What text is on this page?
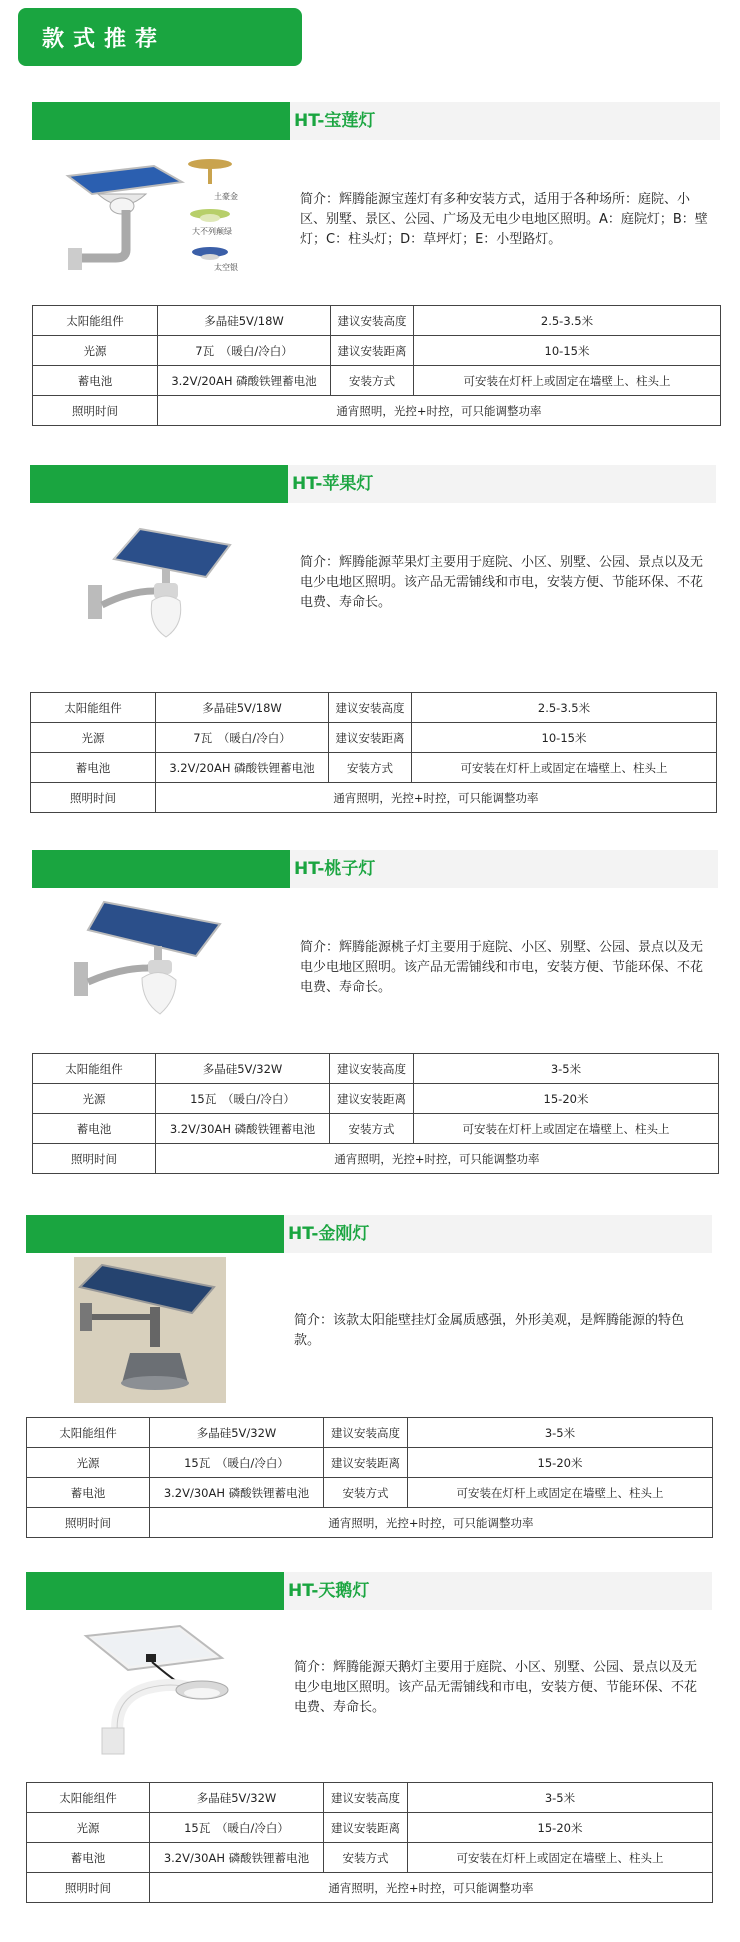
款式推荐
HT-宝莲灯
土豪金
大不列颠绿
太空银
简介：辉腾能源宝莲灯有多种安装方式，适用于各种场所：庭院、小区、别墅、景区、公园、广场及无电少电地区照明。A：庭院灯；B：壁灯；C：柱头灯；D：草坪灯；E：小型路灯。
太阳能组件	多晶硅5V/18W	建议安装高度	2.5-3.5米
光源	7瓦　（暖白/冷白）	建议安装距离	10-15米
蓄电池	3.2V/20AH 磷酸铁锂蓄电池	安装方式	可安装在灯杆上或固定在墙壁上、柱头上
照明时间	通宵照明，光控+时控，可只能调整功率		
HT-苹果灯
简介：辉腾能源苹果灯主要用于庭院、小区、别墅、公园、景点以及无电少电地区照明。该产品无需铺线和市电，安装方便、节能环保、不花电费、寿命长。
太阳能组件	多晶硅5V/18W	建议安装高度	2.5-3.5米
光源	7瓦　（暖白/冷白）	建议安装距离	10-15米
蓄电池	3.2V/20AH 磷酸铁锂蓄电池	安装方式	可安装在灯杆上或固定在墙壁上、柱头上
照明时间	通宵照明，光控+时控，可只能调整功率		
HT-桃子灯
简介：辉腾能源桃子灯主要用于庭院、小区、别墅、公园、景点以及无电少电地区照明。该产品无需铺线和市电，安装方便、节能环保、不花电费、寿命长。
太阳能组件	多晶硅5V/32W	建议安装高度	3-5米
光源	15瓦　（暖白/冷白）	建议安装距离	15-20米
蓄电池	3.2V/30AH 磷酸铁锂蓄电池	安装方式	可安装在灯杆上或固定在墙壁上、柱头上
照明时间	通宵照明，光控+时控，可只能调整功率		
HT-金刚灯
简介：该款太阳能壁挂灯金属质感强，外形美观，是辉腾能源的特色款。
太阳能组件	多晶硅5V/32W	建议安装高度	3-5米
光源	15瓦　（暖白/冷白）	建议安装距离	15-20米
蓄电池	3.2V/30AH 磷酸铁锂蓄电池	安装方式	可安装在灯杆上或固定在墙壁上、柱头上
照明时间	通宵照明，光控+时控，可只能调整功率		
HT-天鹅灯
简介：辉腾能源天鹅灯主要用于庭院、小区、别墅、公园、景点以及无电少电地区照明。该产品无需铺线和市电，安装方便、节能环保、不花电费、寿命长。
太阳能组件	多晶硅5V/32W	建议安装高度	3-5米
光源	15瓦　（暖白/冷白）	建议安装距离	15-20米
蓄电池	3.2V/30AH 磷酸铁锂蓄电池	安装方式	可安装在灯杆上或固定在墙壁上、柱头上
照明时间	通宵照明，光控+时控，可只能调整功率		
